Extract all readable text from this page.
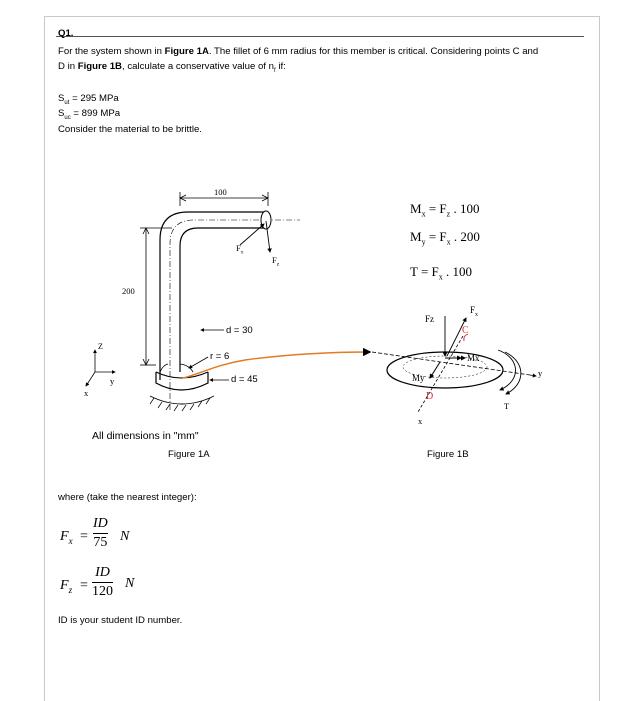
Q1.
For the system shown in Figure 1A. The fillet of 6 mm radius for this member is critical. Considering points C and
D in Figure 1B, calculate a conservative value of $n_f$ if:
$S_{ut} = 295$ MPa
$S_{uc} = 899$ MPa
Consider the material to be brittle.
100
200
$F_x$
$F_z$
d = 30
r = 6
d = 45
Z
y
x
All dimensions in "mm"
Figure 1A
$M_x = F_z$ . 100
$M_y = F_x$ . 200
$T = F_x$ . 100
Fz
$F_x$
C
Mx
My
D
T
y
x
Figure 1B
where (take the nearest integer):
$F_x = \frac{ID}{75}$ N
$F_z = \frac{ID}{120}$ N
ID is your student ID number.
